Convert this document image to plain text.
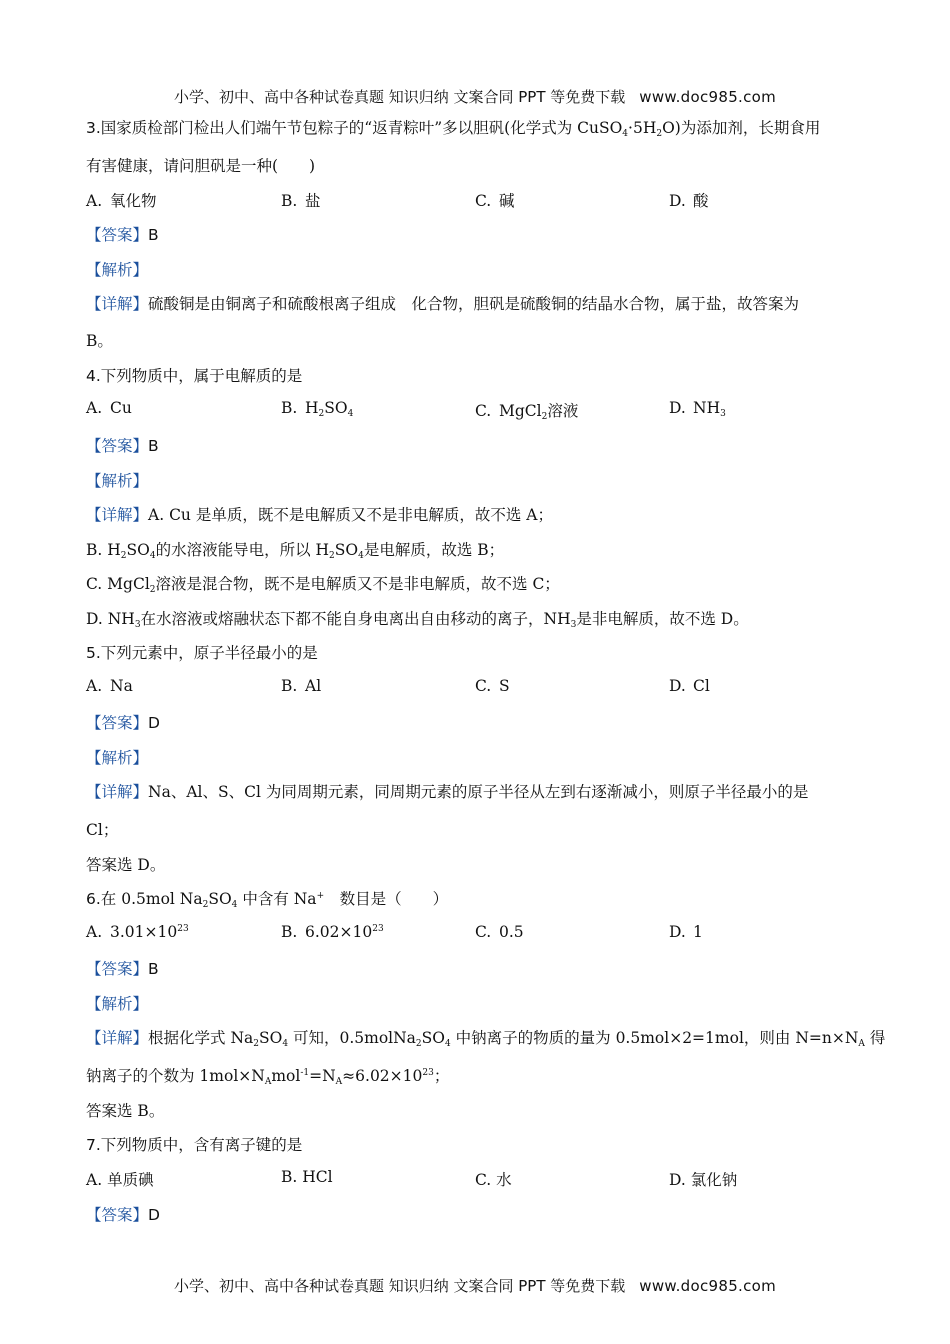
小学、初中、高中各种试卷真题 知识归纳 文案合同 PPT 等免费下载 www.doc985.com
3.国家质检部门检出人们端午节包粽子的“返青粽叶”多以胆矾(化学式为 $CuSO_4\cdot 5H_2O$)为添加剂，长期食用
有害健康，请问胆矾是一种(　　)
A. 氧化物	B. 盐	C. 碱	D. 酸
【答案】B
【解析】
【详解】硫酸铜是由铜离子和硫酸根离子组成　化合物，胆矾是硫酸铜的结晶水合物，属于盐，故答案为
B。
4.下列物质中，属于电解质的是
A. Cu	B. $H_2SO_4$	C. MgCl$_2$溶液	D. $NH_3$
【答案】B
【解析】
【详解】A. Cu 是单质，既不是电解质又不是非电解质，故不选 A；
B. $H_2SO_4$的水溶液能导电，所以 $H_2SO_4$是电解质，故选 B；
C. MgCl$_2$溶液是混合物，既不是电解质又不是非电解质，故不选 C；
D. $NH_3$在水溶液或熔融状态下都不能自身电离出自由移动的离子，$NH_3$是非电解质，故不选 D。
5.下列元素中，原子半径最小的是
A. Na	B. Al	C. S	D. Cl
【答案】D
【解析】
【详解】Na、Al、S、Cl 为同周期元素，同周期元素的原子半径从左到右逐渐减小，则原子半径最小的是
Cl；
答案选 D。
6.在 0.5mol $Na_2SO_4$ 中含有 Na+　数目是（　　）
A. $3.01\times 10^{23}$	B. $6.02\times 10^{23}$	C. 0.5	D. 1
【答案】B
【解析】
【详解】根据化学式 $Na_2SO_4$ 可知，$0.5molNa_2SO_4$ 中钠离子的物质的量为 0.5mol×2=1mol，则由 $N=n\times N_A$ 得
钠离子的个数为 $1mol\times N_Amol^{-1}=N_A\approx 6.02\times 10^{23}$；
答案选 B。
7.下列物质中，含有离子键的是
A. 单质碘	B. HCl	C. 水	D. 氯化钠
【答案】D
小学、初中、高中各种试卷真题 知识归纳 文案合同 PPT 等免费下载 www.doc985.com
